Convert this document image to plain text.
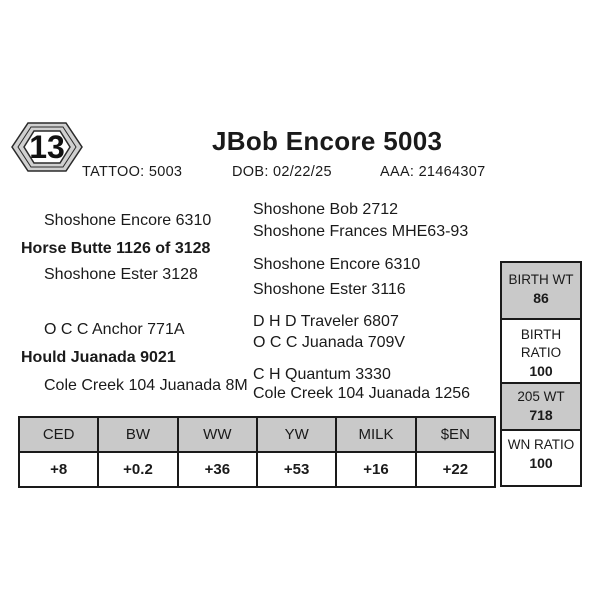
13	JBob Encore 5003
TATTOO: 5003	DOB: 02/22/25	AAA: 21464307
Shoshone Encore 6310
Horse Butte 1126 of 3128
Shoshone Ester 3128
Shoshone Bob 2712
Shoshone Frances MHE63-93
Shoshone Encore 6310
Shoshone Ester 3116
O C C Anchor 771A
Hould Juanada 9021
Cole Creek 104 Juanada 8M
D H D Traveler 6807
O C C Juanada 709V
C H Quantum 3330
Cole Creek 104 Juanada 1256
CED	BW	WW	YW	MILK	$EN
+8	+0.2	+36	+53	+16	+22
BIRTH WT
86
BIRTH
RATIO
100
205 WT
718
WN RATIO
100
